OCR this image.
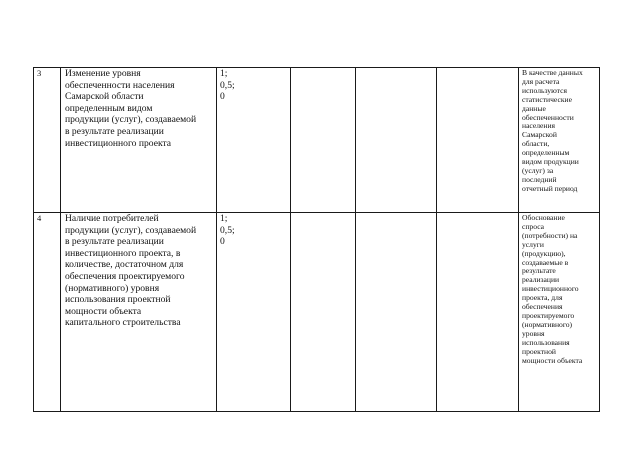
3 Изменение уровня
обеспеченности населения
Самарской области
определенным видом
продукции (услуг), создаваемой
в результате реализации
инвестиционного проекта
1;
0,5;
0
В качестве данных
для расчета
используются
статистические
данные
обеспеченности
населения
Самарской
области,
определенным
видом продукции
(услуг) за
последний
отчетный период
4 Наличие потребителей
продукции (услуг), создаваемой
в результате реализации
инвестиционного проекта, в
количестве, достаточном для
обеспечения проектируемого
(нормативного) уровня
использования проектной
мощности объекта
капитального строительства
1;
0,5;
0
Обоснование
спроса
(потребности) на
услуги
(продукцию),
создаваемые в
результате
реализации
инвестиционного
проекта, для
обеспечения
проектируемого
(нормативного)
уровня
использования
проектной
мощности объекта
